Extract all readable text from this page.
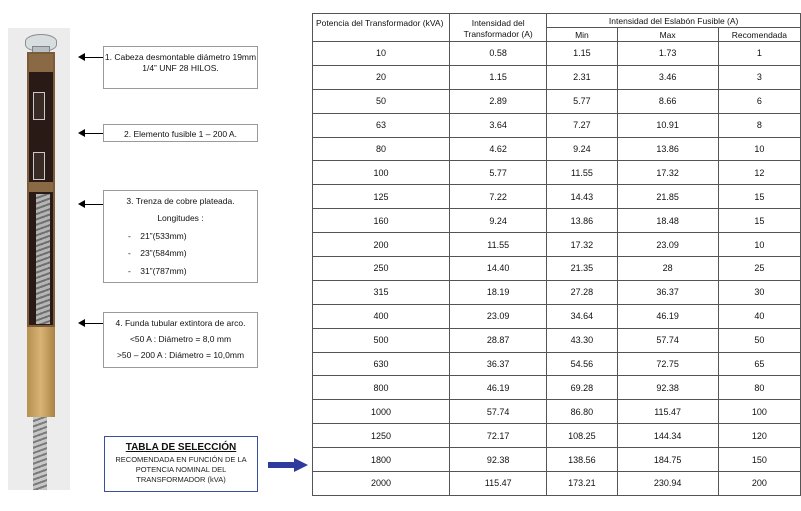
1. Cabeza desmontable diámetro 19mm 1/4” UNF 28 HILOS.

2. Elemento fusible 1 – 200 A.

3. Trenza de cobre plateada.

Longitudes :

-    21”(533mm)

-    23”(584mm)

-    31”(787mm)

4. Funda tubular extintora de arco.

<50 A : Diámetro = 8,0 mm

>50 – 200 A : Diámetro = 10,0mm

TABLA DE SELECCIÓN
RECOMENDADA EN FUNCIÓN DE LA POTENCIA NOMINAL DEL TRANSFORMADOR (kVA)
Potencia del Transformador (kVA)	Intensidad del Transformador (A)	Intensidad del Eslabón Fusible (A)		
		Min	Max	Recomendada
10	0.58	1.15	1.73	1
20	1.15	2.31	3.46	3
50	2.89	5.77	8.66	6
63	3.64	7.27	10.91	8
80	4.62	9.24	13.86	10
100	5.77	11.55	17.32	12
125	7.22	14.43	21.85	15
160	9.24	13.86	18.48	15
200	11.55	17.32	23.09	10
250	14.40	21.35	28	25
315	18.19	27.28	36.37	30
400	23.09	34.64	46.19	40
500	28.87	43.30	57.74	50
630	36.37	54.56	72.75	65
800	46.19	69.28	92.38	80
1000	57.74	86.80	115.47	100
1250	72.17	108.25	144.34	120
1800	92.38	138.56	184.75	150
2000	115.47	173.21	230.94	200
